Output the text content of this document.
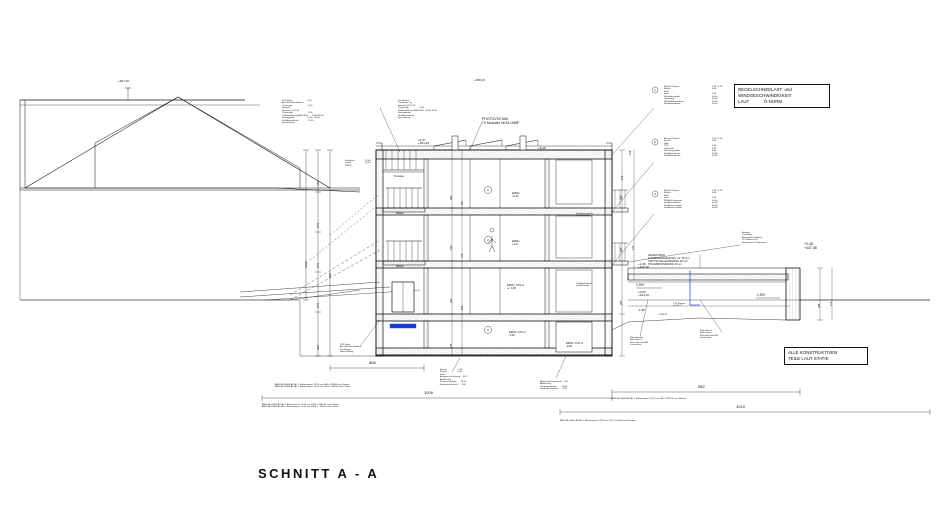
1
2
3
2
1
3
+457,46	+458,10
+9,37
+454,49
+5,46
+2,48
+447,48
+1,48
+445,48
+0,00
+444,10
-1,38
ERDG.
+6,30
ERDG.
+3,17
ERDG. STG.H
+/- 0,00
ERDG. STG.H
-0,62
ERDG. STG.H
-0,92
Balkon
Balkon
Terrasse
PHOTOVOLTAIK
72 Modules Nr.54 /AMP
HEIZESTRICH
FUSSBODENHEIZUNG  ca. 45 mm
TRITTSCHALLDÄMMUNG 30 mm
STAHLBETONDECKE 20 cm
VPK Steig                         5,00
Alu-Unterkonstruktion
Traversige                          5,00
Sparrpft
Sparrpft 12,51,18
Traversible                         1,00
Gebläseöffnung BMX 4/28       24,00-30,00
Konstigbeton                    15,00 - 20,00
Stahlbetondecke                11,00
Spachtelung
Kunstbeton
Trennlage 1 lg
Sparrpft 12,51,18
Traversible                  6,00
Gebläseöffnung BMX 4/28   24,00-30,00
Konstigbeton
Stahlbetondecke
Spachtelung
Drahtputz
Ziegel
WDVS
25,00
10,00
VPK Steig
Alu-Unterkonstruktion
Dachträger
Holzschalung
Fliesen                  1,20
Estrich                  6,00
Folie
Ausgleichsschüttung    3,07
Abdichtung
Fundamentplatte       20,00
Sauberkeitsschicht     5,00
Bekiesstrich Bauwerkt.   5,00
Abdichtung
Fundamentplatte         25,00
Sauberkeitsschicht       6,00
Sperrpft
Trennlage
Bitumgut Frostdecke
Or. Gebläse auf
Humusieren / Sumhumus
Filterschicht
Rollschotter
Geschüttschicht/Kl
Frostschutz
Pflasterbelag
Rollschotter
Geschüttschicht/Kl
Frostschutz
1,5%
1,5%
T.W. Steigen
cal.13,7
-1.183,57
Stahlbetonwände
mit Balkontritt
Stahlbetondecke
mit Balkontritt
Bauteil / Fliesen
Estrich
Folie
Folie
Schüttung gebd.
Dämmung
SB-Stahlbetondecke
Stahlbetondecke
1,50 / 1,25
5,00

0,53
10,00
20,00
10,00
55,00
Bauteil / Fliesen
Estrich
Folie
PVP
Trittschall
Schüttung gebd.
Stahlbetondecke
Stahlbetondecke
1,50 / 1,25
5,00

1,50
3,50
8,00
20,00
55,00
Bauteil / Fliesen
Estrich
Folie
Folie
PE-Alu-Dämmung
Stahlbetondecke
Stahlbeton-/-platte
Stahlbeton-/-platte
1,50 / 1,25
5,00

0,53
16,00
20,00
30,00
50,00
340
273
273
273
322
1008
668
265
225
280
225
267
273
225
348
265
265
275
286	270
128
272
668
1009
982
1019
ABSCHLUSSFLÄCHE 1. Bebauungsst. 19,10 von 668 = 428,86 nach Süden
ABSCHLUSSFLÄCHE 2. Bebauungsst. 13,10 von 1009 = 594,06 nach Osten
ABSCHLUSSFLÄCHE 3. Bebauungsst. 13,01 von 1009 = 1030,01 nach Süden
ABSCHLUSSFLÄCHE 4. Bebauungsst. 13,01 von 1009 =   594,50 nach Osten
ABSCHLUSSFLÄCHE 5. Bebauungsst. 19,10 von 982 = 982,55 nach Norden
ABSCHLUSSFLÄCHE 6. Bebauungsst. 19/19 mit 19,5 = 19,4,90 nach Norden
REGELSCHNEELAST  und
WINDGESCHWINDIGKEIT
LAUT            Ö-NORM
ALLE KONSTRUKTIVEN
TEILE LAUT STATIK
SCHNITT A - A
